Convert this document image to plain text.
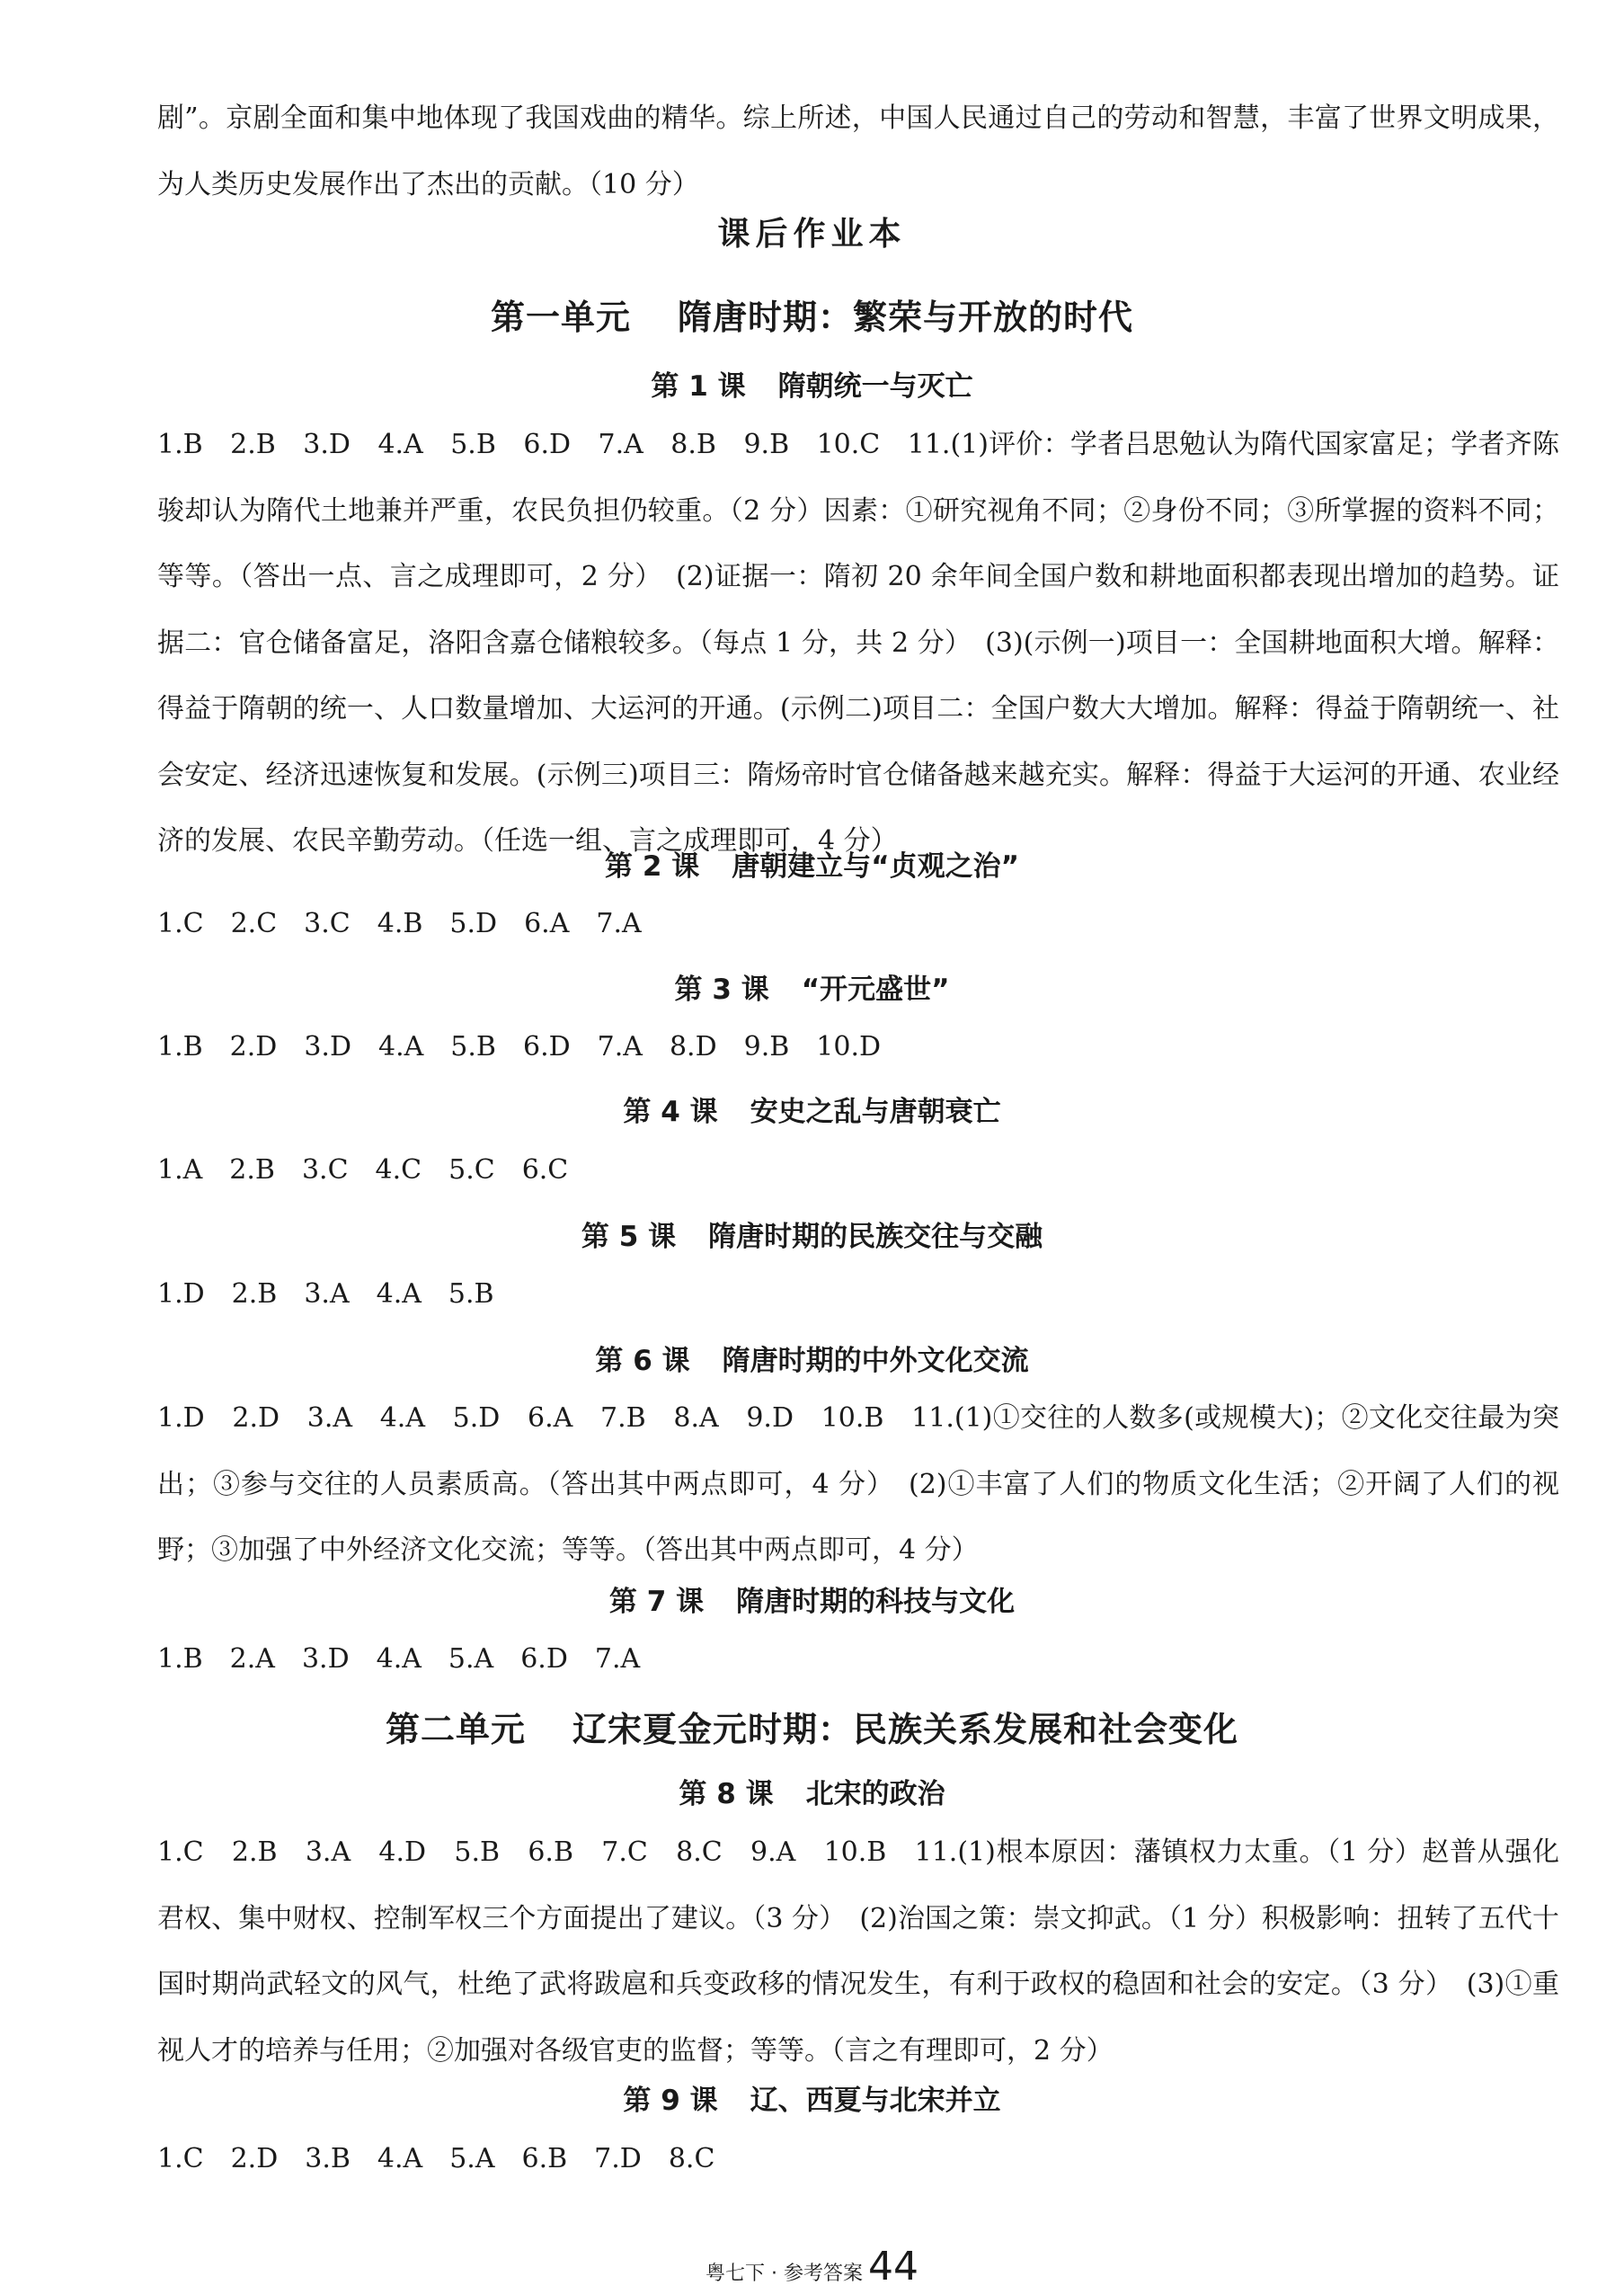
剧”。京剧全面和集中地体现了我国戏曲的精华。综上所述，中国人民通过自己的劳动和智慧，丰富了世界文明成果，为人类历史发展作出了杰出的贡献。（10 分）

课后作业本
第一单元 隋唐时期：繁荣与开放的时代
第 1 课 隋朝统一与灭亡

1.B　2.B　3.D　4.A　5.B　6.D　7.A　8.B　9.B　10.C　11.(1)评价：学者吕思勉认为隋代国家富足；学者齐陈骏却认为隋代土地兼并严重，农民负担仍较重。（2 分）因素：①研究视角不同；②身份不同；③所掌握的资料不同；等等。（答出一点、言之成理即可，2 分）　(2)证据一：隋初 20 余年间全国户数和耕地面积都表现出增加的趋势。证据二：官仓储备富足，洛阳含嘉仓储粮较多。（每点 1 分，共 2 分）　(3)(示例一)项目一：全国耕地面积大增。解释：得益于隋朝的统一、人口数量增加、大运河的开通。(示例二)项目二：全国户数大大增加。解释：得益于隋朝统一、社会安定、经济迅速恢复和发展。(示例三)项目三：隋炀帝时官仓储备越来越充实。解释：得益于大运河的开通、农业经济的发展、农民辛勤劳动。（任选一组、言之成理即可，4 分）

第 2 课 唐朝建立与“贞观之治”

1.C　2.C　3.C　4.B　5.D　6.A　7.A

第 3 课 “开元盛世”

1.B　2.D　3.D　4.A　5.B　6.D　7.A　8.D　9.B　10.D

第 4 课 安史之乱与唐朝衰亡

1.A　2.B　3.C　4.C　5.C　6.C

第 5 课 隋唐时期的民族交往与交融

1.D　2.B　3.A　4.A　5.B

第 6 课 隋唐时期的中外文化交流

1.D　2.D　3.A　4.A　5.D　6.A　7.B　8.A　9.D　10.B　11.(1)①交往的人数多(或规模大)；②文化交往最为突出；③参与交往的人员素质高。（答出其中两点即可，4 分）　(2)①丰富了人们的物质文化生活；②开阔了人们的视野；③加强了中外经济文化交流；等等。（答出其中两点即可，4 分）

第 7 课 隋唐时期的科技与文化

1.B　2.A　3.D　4.A　5.A　6.D　7.A

第二单元 辽宋夏金元时期：民族关系发展和社会变化
第 8 课 北宋的政治

1.C　2.B　3.A　4.D　5.B　6.B　7.C　8.C　9.A　10.B　11.(1)根本原因：藩镇权力太重。（1 分）赵普从强化君权、集中财权、控制军权三个方面提出了建议。（3 分）　(2)治国之策：崇文抑武。（1 分）积极影响：扭转了五代十国时期尚武轻文的风气，杜绝了武将跋扈和兵变政移的情况发生，有利于政权的稳固和社会的安定。（3 分）　(3)①重视人才的培养与任用；②加强对各级官吏的监督；等等。（言之有理即可，2 分）

第 9 课 辽、西夏与北宋并立

1.C　2.D　3.B　4.A　5.A　6.B　7.D　8.C

粤七下 · 参考答案 44
